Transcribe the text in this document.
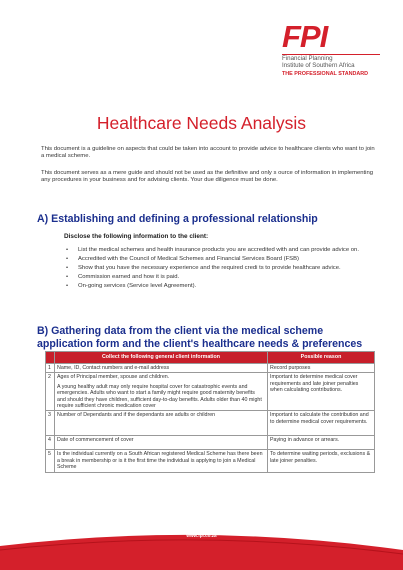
FPI
Financial Planning
Institute of Southern Africa
THE PROFESSIONAL STANDARD
Healthcare Needs Analysis
This document is a guideline on aspects that could be taken into account to provide advice to healthcare clients who want to join a medical scheme.
This document serves as a mere guide and should not be used as the definitive and only s ource of information in implementing any procedures in your business and for advising clients. Your due diligence must be done.
A) Establishing and defining a professional relationship
Disclose the following information to the client:
• List the medical schemes and health insurance products you are accredited with and can provide advice on.
• Accredited with the Council of Medical Schemes and Financial Services Board (FSB)
• Show that you have the necessary experience and the required credi ts to provide healthcare advice.
• Commission earned and how it is paid.
• On-going services (Service level Agreement).
B) Gathering data from the client via the medical scheme application form and the client's healthcare needs & preferences
	Collect the following general client information	Possible reason
1	Name, ID, Contact numbers and e-mail address	Record purposes
2	Ages of Principal member, spouse and children.
A young healthy adult may only require hospital cover for catastrophic events and emergencies. Adults who want to start a family might require good maternity benefits and should they have children, sufficient day-to-day benefits. Adults older than 40 might require sufficient chronic medication cover	Important to determine medical cover requirements and late joiner penalties when calculating contributions.
3	Number of Dependants and if the dependants are adults or children	Important to calculate the contribution and to determine medical cover requirements.
4	Date of commencement of cover	Paying in advance or arrears.
5	Is the individual currently on a South African registered Medical Scheme has there been a break in membership or is it the first time the individual is applying to join a Medical Scheme	To determine waiting periods, exclusions & late joiner penalties.
www.fpi.co.za
